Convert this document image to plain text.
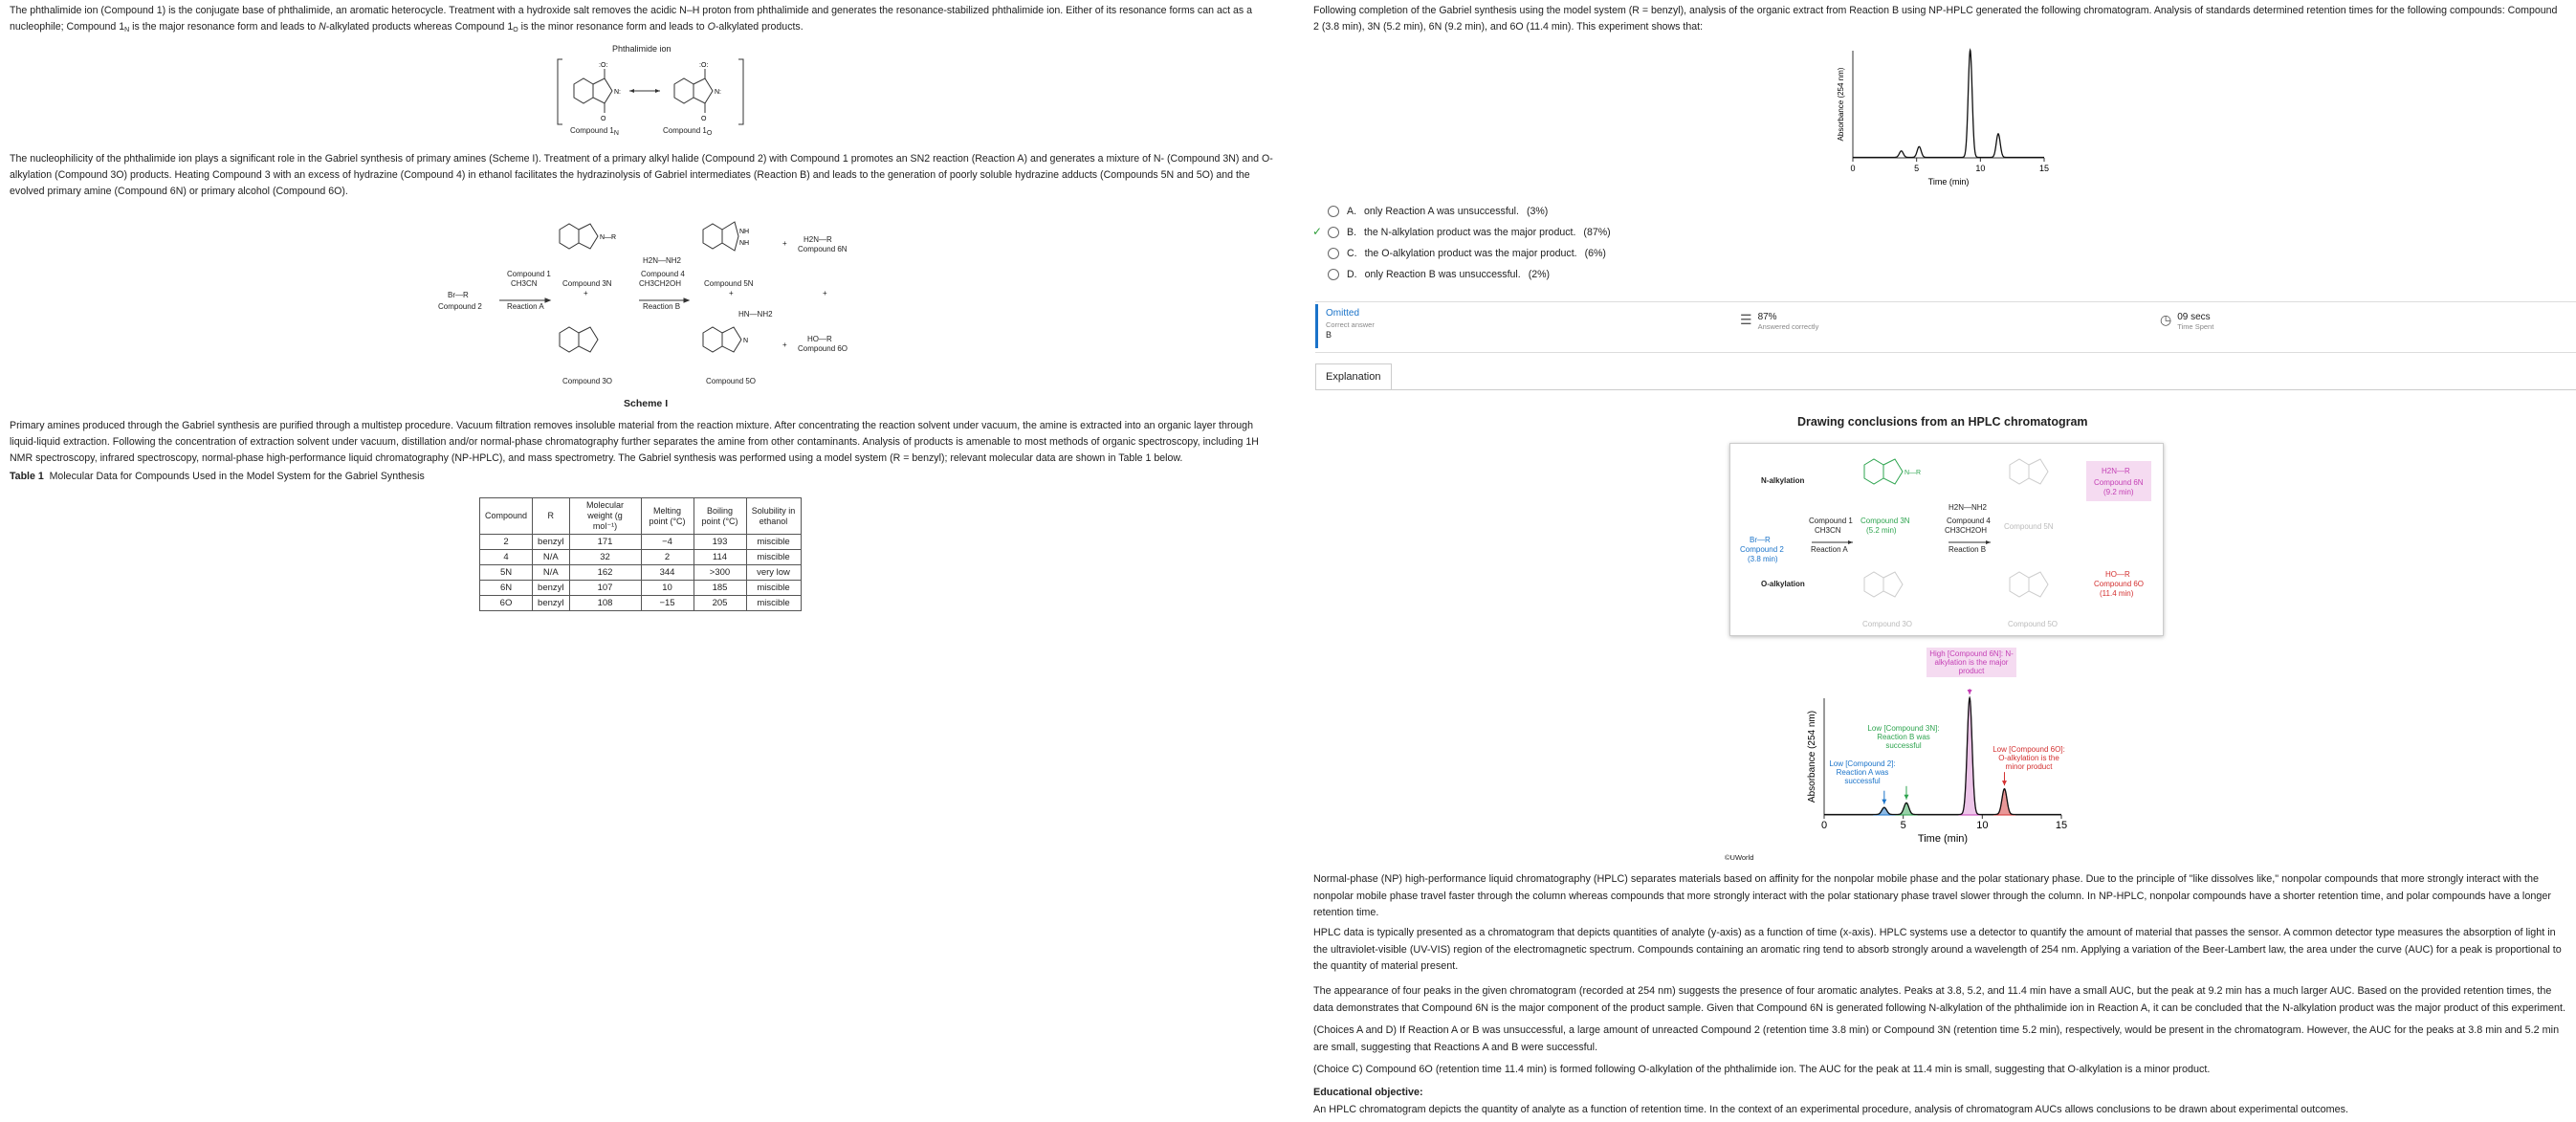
The phthalimide ion (Compound 1) is the conjugate base of phthalimide, an aromatic heterocycle. Treatment with a hydroxide salt removes the acidic N–H proton from phthalimide and generates the resonance-stabilized phthalimide ion. Either of its resonance forms can act as a nucleophile; Compound $1_N$ is the major resonance form and leads to N-alkylated products whereas Compound $1_O$ is the minor resonance form and leads to O-alkylated products.
Phthalimide ion
:O:
O
N:
:O:
O
N:
Compound 1N	Compound 1O
The nucleophilicity of the phthalimide ion plays a significant role in the Gabriel synthesis of primary amines (Scheme I). Treatment of a primary alkyl halide (Compound 2) with Compound 1 promotes an SN2 reaction (Reaction A) and generates a mixture of N- (Compound 3N) and O-alkylation (Compound 3O) products. Heating Compound 3 with an excess of hydrazine (Compound 4) in ethanol facilitates the hydrazinolysis of Gabriel intermediates (Reaction B) and leads to the generation of poorly soluble hydrazine adducts (Compounds 5N and 5O) and the evolved primary amine (Compound 6N) or primary alcohol (Compound 6O).
N—R
NH
NH
N
Br—R
Compound 2
Compound 1
CH3CN
Reaction A
Compound 3N
Compound 3O
H2N—NH2
Compound 4
CH3CH2OH
Reaction B
Compound 5N
Compound 5O
HN—NH2
+ H2N—R
Compound 6N
+
HO—R
Compound 6O
+	+	+
Scheme I
Primary amines produced through the Gabriel synthesis are purified through a multistep procedure. Vacuum filtration removes insoluble material from the reaction mixture. After concentrating the reaction solvent under vacuum, the amine is extracted into an organic layer through liquid-liquid extraction. Following the concentration of extraction solvent under vacuum, distillation and/or normal-phase chromatography further separates the amine from other contaminants. Analysis of products is amenable to most methods of organic spectroscopy, including 1H NMR spectroscopy, infrared spectroscopy, normal-phase high-performance liquid chromatography (NP-HPLC), and mass spectrometry. The Gabriel synthesis was performed using a model system (R = benzyl); relevant molecular data are shown in Table 1 below.
Table 1 Molecular Data for Compounds Used in the Model System for the Gabriel Synthesis
Compound	R	Molecular weight (g mol⁻¹)	Melting point (°C)	Boiling point (°C)	Solubility in ethanol
2	benzyl	171	−4	193	miscible
4	N/A	32	2	114	miscible
5N	N/A	162	344	>300	very low
6N	benzyl	107	10	185	miscible
6O	benzyl	108	−15	205	miscible
Following completion of the Gabriel synthesis using the model system (R = benzyl), analysis of the organic extract from Reaction B using NP-HPLC generated the following chromatogram. Analysis of standards determined retention times for the following compounds: Compound
2 (3.8 min), 3N (5.2 min), 6N (9.2 min), and 6O (11.4 min). This experiment shows that:
0	5	10	15
Time (min)
Absorbance (254 nm)
A. only Reaction A was unsuccessful. (3%)
✓ B. the N-alkylation product was the major product. (87%)
C. the O-alkylation product was the major product. (6%)
D. only Reaction B was unsuccessful. (2%)
Omitted
Correct answer
B
☰ 87%
Answered correctly	◷ 09 secs
Time Spent
Explanation
Drawing conclusions from an HPLC chromatogram
N—R
N-alkylation
O-alkylation
Br—R
Compound 2
(3.8 min)
Compound 1
CH3CN
Reaction A
Compound 3N
(5.2 min)
H2N—NH2
Compound 4
CH3CH2OH
Reaction B
Compound 5N
Compound 3O	Compound 5O
H2N—R
Compound 6N
(9.2 min)
HO—R
Compound 6O
(11.4 min)
High [Compound 6N]: N-alkylation is the major product
Low [Compound 3N]: Reaction B was successful
Low [Compound 2]: Reaction A was successful
Low [Compound 6O]: O-alkylation is the minor product
0	5	10	15
Time (min)
Absorbance (254 nm)
©UWorld
Normal-phase (NP) high-performance liquid chromatography (HPLC) separates materials based on affinity for the nonpolar mobile phase and the polar stationary phase. Due to the principle of "like dissolves like," nonpolar compounds that more strongly interact with the nonpolar mobile phase travel faster through the column whereas compounds that more strongly interact with the polar stationary phase travel slower through the column. In NP-HPLC, nonpolar compounds have a shorter retention time, and polar compounds have a longer retention time.
HPLC data is typically presented as a chromatogram that depicts quantities of analyte (y-axis) as a function of time (x-axis). HPLC systems use a detector to quantify the amount of material that passes the sensor. A common detector type measures the absorption of light in the ultraviolet-visible (UV-VIS) region of the electromagnetic spectrum. Compounds containing an aromatic ring tend to absorb strongly around a wavelength of 254 nm. Applying a variation of the Beer-Lambert law, the area under the curve (AUC) for a peak is proportional to the quantity of material present.
The appearance of four peaks in the given chromatogram (recorded at 254 nm) suggests the presence of four aromatic analytes. Peaks at 3.8, 5.2, and 11.4 min have a small AUC, but the peak at 9.2 min has a much larger AUC. Based on the provided retention times, the data demonstrates that Compound 6N is the major component of the product sample. Given that Compound 6N is generated following N-alkylation of the phthalimide ion in Reaction A, it can be concluded that the N-alkylation product was the major product of this experiment.
(Choices A and D) If Reaction A or B was unsuccessful, a large amount of unreacted Compound 2 (retention time 3.8 min) or Compound 3N (retention time 5.2 min), respectively, would be present in the chromatogram. However, the AUC for the peaks at 3.8 min and 5.2 min are small, suggesting that Reactions A and B were successful.
(Choice C) Compound 6O (retention time 11.4 min) is formed following O-alkylation of the phthalimide ion. The AUC for the peak at 11.4 min is small, suggesting that O-alkylation is a minor product.
Educational objective:
An HPLC chromatogram depicts the quantity of analyte as a function of retention time. In the context of an experimental procedure, analysis of chromatogram AUCs allows conclusions to be drawn about experimental outcomes.
